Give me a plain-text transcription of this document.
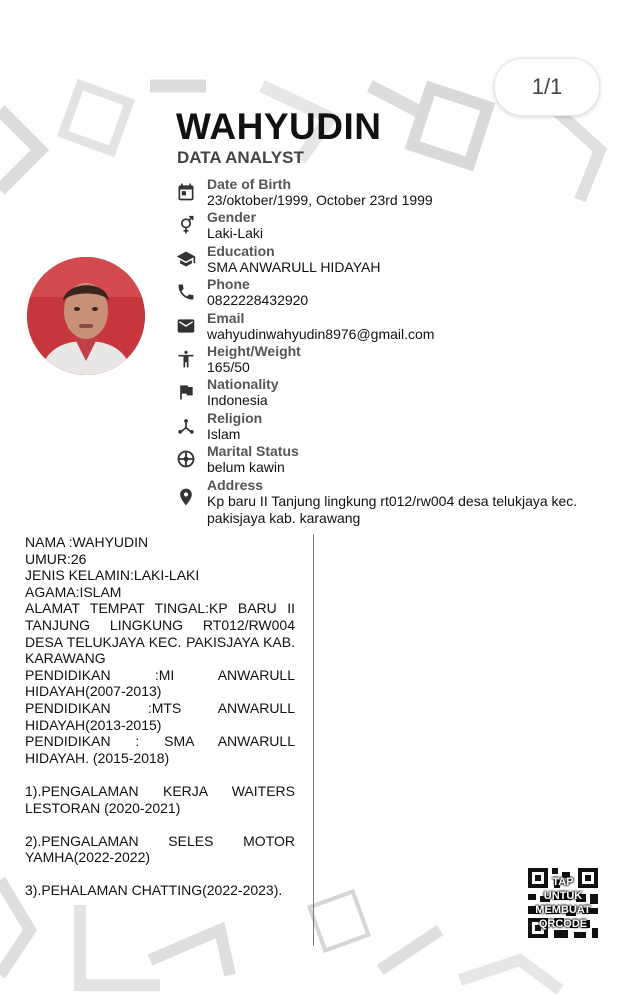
1/1
WAHYUDIN
DATA ANALYST
Date of Birth
23/oktober/1999, October 23rd 1999
Gender
Laki-Laki
Education
SMA ANWARULL HIDAYAH
Phone
0822228432920
Email
wahyudinwahyudin8976@gmail.com
Height/Weight
165/50
Nationality
Indonesia
Religion
Islam
Marital Status
belum kawin
Address
Kp baru II Tanjung lingkung rt012/rw004 desa telukjaya kec. pakisjaya kab. karawang

NAMA :WAHYUDIN

UMUR:26

JENIS KELAMIN:LAKI-LAKI

AGAMA:ISLAM

ALAMAT TEMPAT TINGAL:KP BARU II TANJUNG LINGKUNG RT012/RW004 DESA TELUKJAYA KEC. PAKISJAYA KAB. KARAWANG

PENDIDIKAN :MI ANWARULL HIDAYAH(2007-2013)

PENDIDIKAN :MTS ANWARULL HIDAYAH(2013-2015)

PENDIDIKAN : SMA ANWARULL HIDAYAH. (2015-2018)

1).PENGALAMAN KERJA WAITERS LESTORAN (2020-2021)

2).PENGALAMAN SELES MOTOR YAMHA(2022-2022)

3).PEHALAMAN CHATTING(2022-2023).

TAP
UNTUK
MEMBUAT
QRCODE
